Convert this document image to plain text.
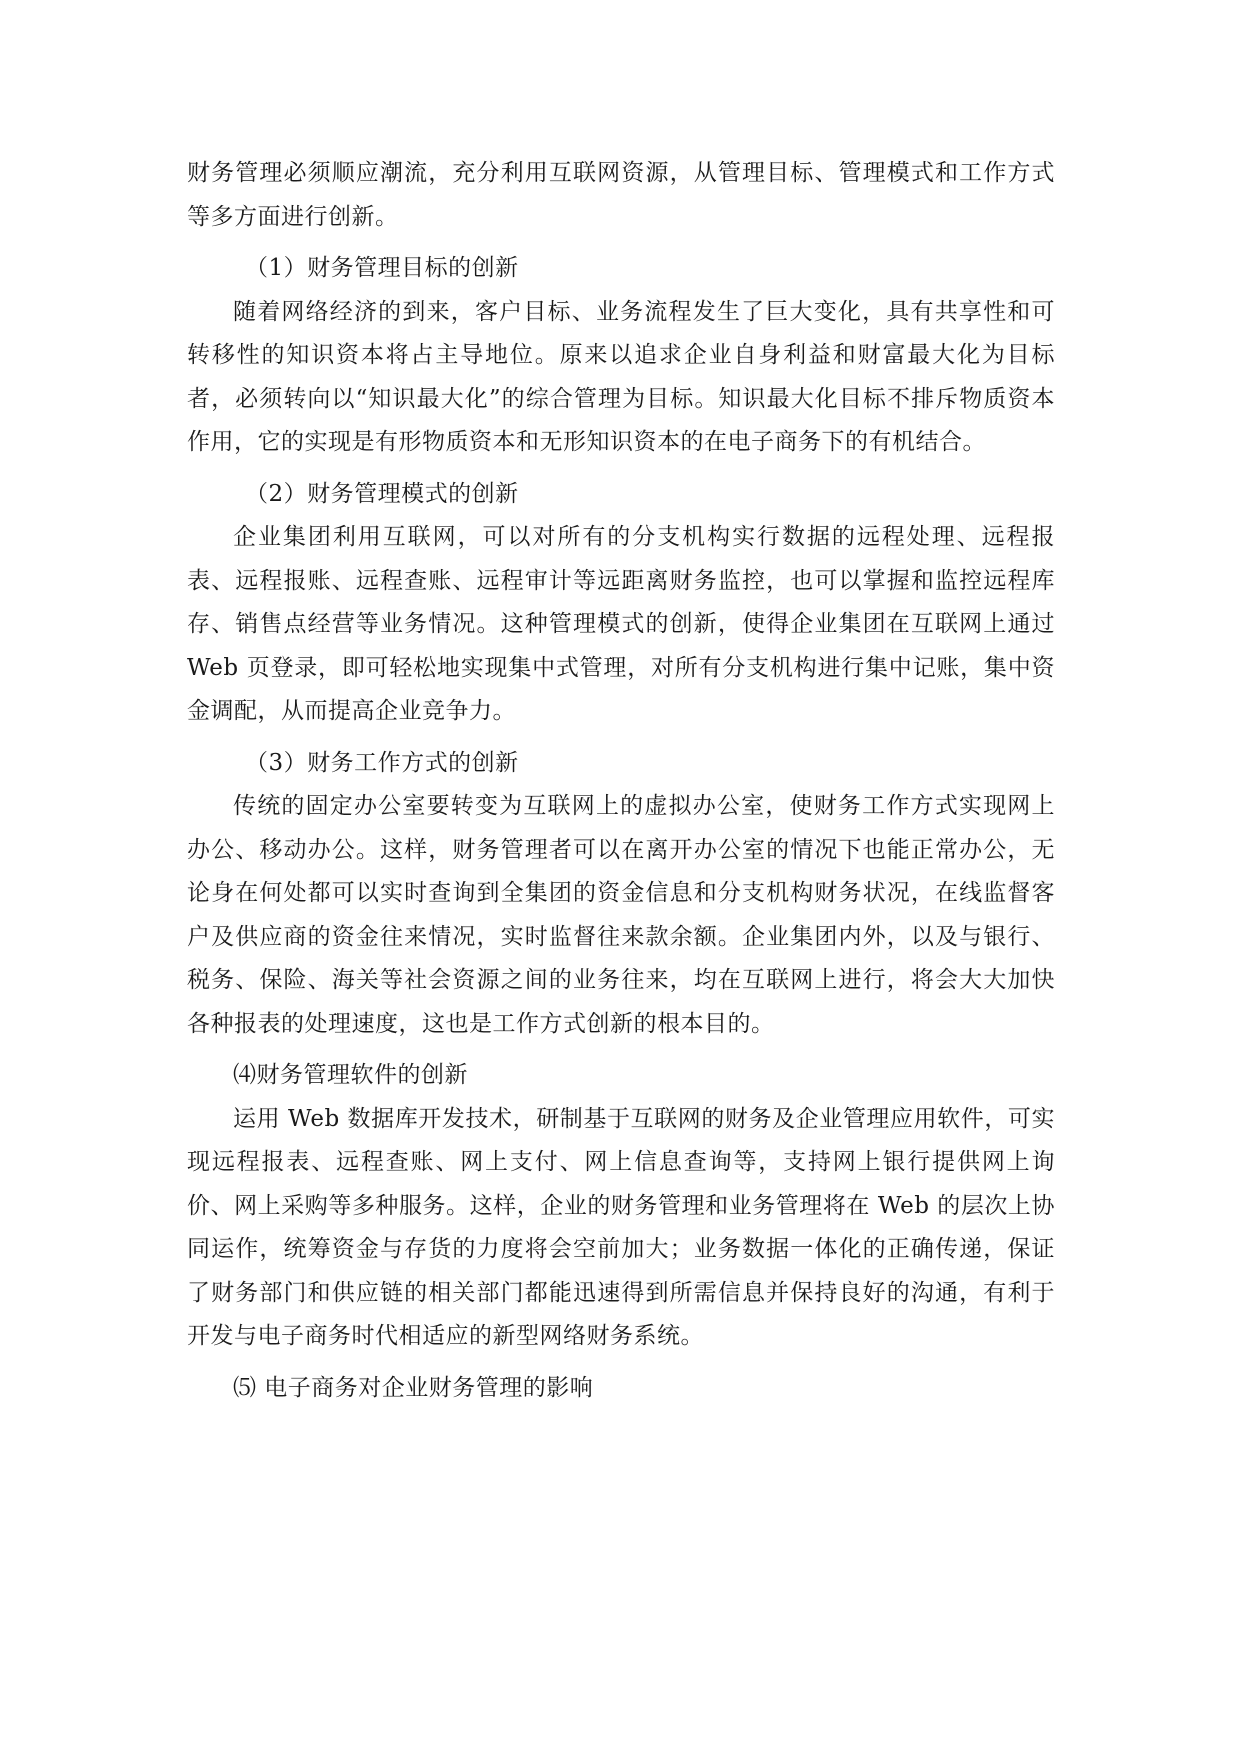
财务管理必须顺应潮流，充分利用互联网资源，从管理目标、管理模式和工作方式等多方面进行创新。

（1）财务管理目标的创新

随着网络经济的到来，客户目标、业务流程发生了巨大变化，具有共享性和可转移性的知识资本将占主导地位。原来以追求企业自身利益和财富最大化为目标者，必须转向以“知识最大化”的综合管理为目标。知识最大化目标不排斥物质资本作用，它的实现是有形物质资本和无形知识资本的在电子商务下的有机结合。

（2）财务管理模式的创新

企业集团利用互联网，可以对所有的分支机构实行数据的远程处理、远程报表、远程报账、远程查账、远程审计等远距离财务监控，也可以掌握和监控远程库存、销售点经营等业务情况。这种管理模式的创新，使得企业集团在互联网上通过 Web 页登录，即可轻松地实现集中式管理，对所有分支机构进行集中记账，集中资金调配，从而提高企业竞争力。

（3）财务工作方式的创新

传统的固定办公室要转变为互联网上的虚拟办公室，使财务工作方式实现网上办公、移动办公。这样，财务管理者可以在离开办公室的情况下也能正常办公，无论身在何处都可以实时查询到全集团的资金信息和分支机构财务状况，在线监督客户及供应商的资金往来情况，实时监督往来款余额。企业集团内外，以及与银行、税务、保险、海关等社会资源之间的业务往来，均在互联网上进行，将会大大加快各种报表的处理速度，这也是工作方式创新的根本目的。

⑷财务管理软件的创新

运用 Web 数据库开发技术，研制基于互联网的财务及企业管理应用软件，可实现远程报表、远程查账、网上支付、网上信息查询等，支持网上银行提供网上询价、网上采购等多种服务。这样，企业的财务管理和业务管理将在 Web 的层次上协同运作，统筹资金与存货的力度将会空前加大；业务数据一体化的正确传递，保证了财务部门和供应链的相关部门都能迅速得到所需信息并保持良好的沟通，有利于开发与电子商务时代相适应的新型网络财务系统。

⑸ 电子商务对企业财务管理的影响
